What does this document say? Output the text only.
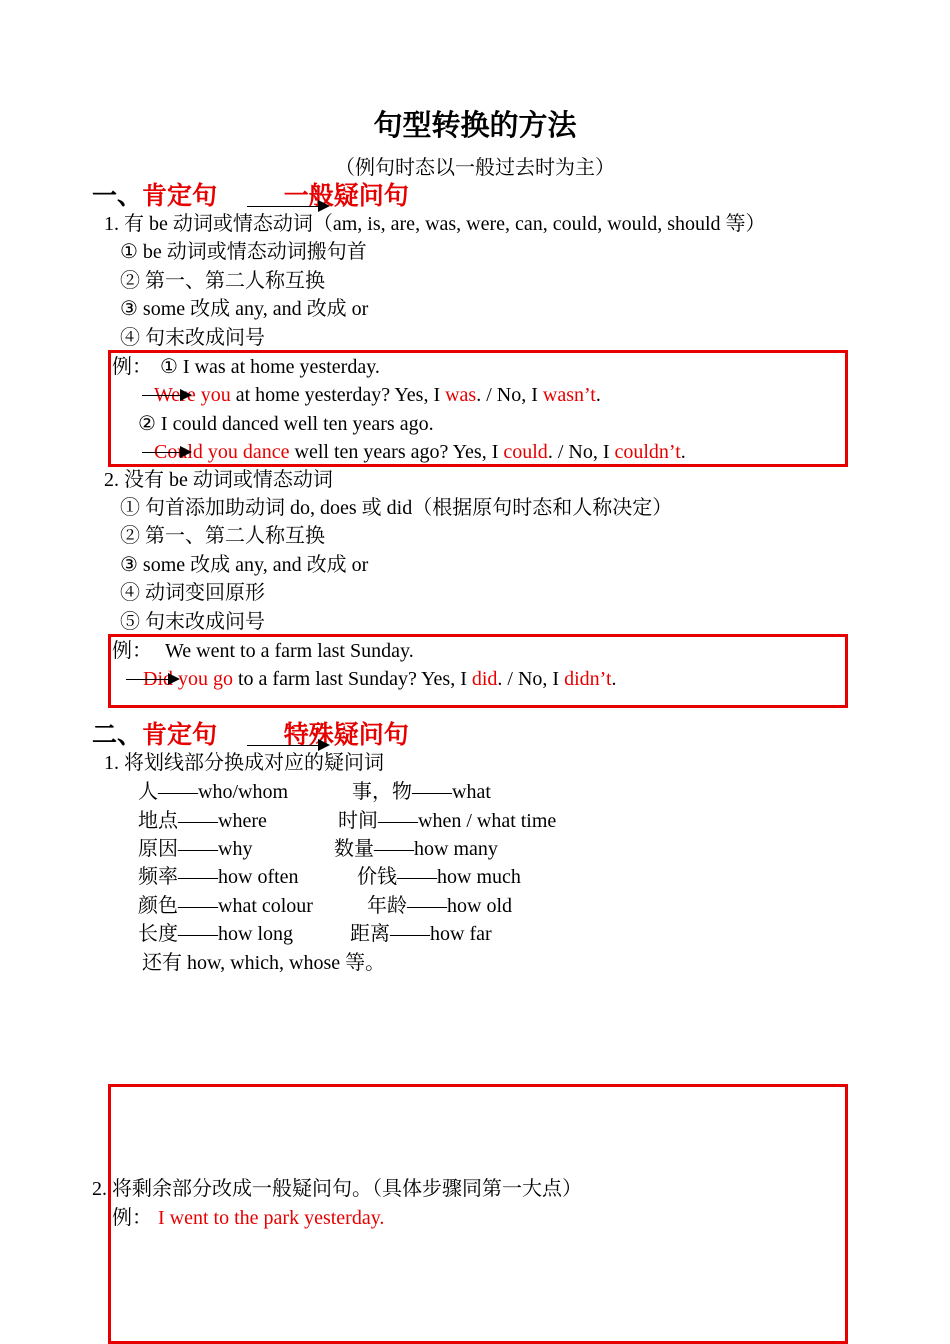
句型转换的方法
（例句时态以一般过去时为主）
一、肯定句	一般疑问句
1. 有 be 动词或情态动词（am, is, are, was, were, can, could, would, should 等）
① be 动词或情态动词搬句首
② 第一、第二人称互换
③ some 改成 any, and 改成 or
④ 句末改成问号
例： ① I was at home yesterday.
Were you at home yesterday? Yes, I was. / No, I wasn’t.
② I could danced well ten years ago.
Could you dance well ten years ago? Yes, I could. / No, I couldn’t.
2. 没有 be 动词或情态动词
① 句首添加助动词 do, does 或 did（根据原句时态和人称决定）
② 第一、第二人称互换
③ some 改成 any, and 改成 or
④ 动词变回原形
⑤ 句末改成问号
例： We went to a farm last Sunday.
Did you go to a farm last Sunday? Yes, I did. / No, I didn’t.
二、肯定句	特殊疑问句
1. 将划线部分换成对应的疑问词
人——who/whom	事，物——what
地点——where	时间——when / what time
原因——why	数量——how many
频率——how often	价钱——how much
颜色——what colour	年龄——how old
长度——how long	距离——how far
还有 how, which, whose 等。
2. 将剩余部分改成一般疑问句。（具体步骤同第一大点）
例： I went to the park yesterday.
